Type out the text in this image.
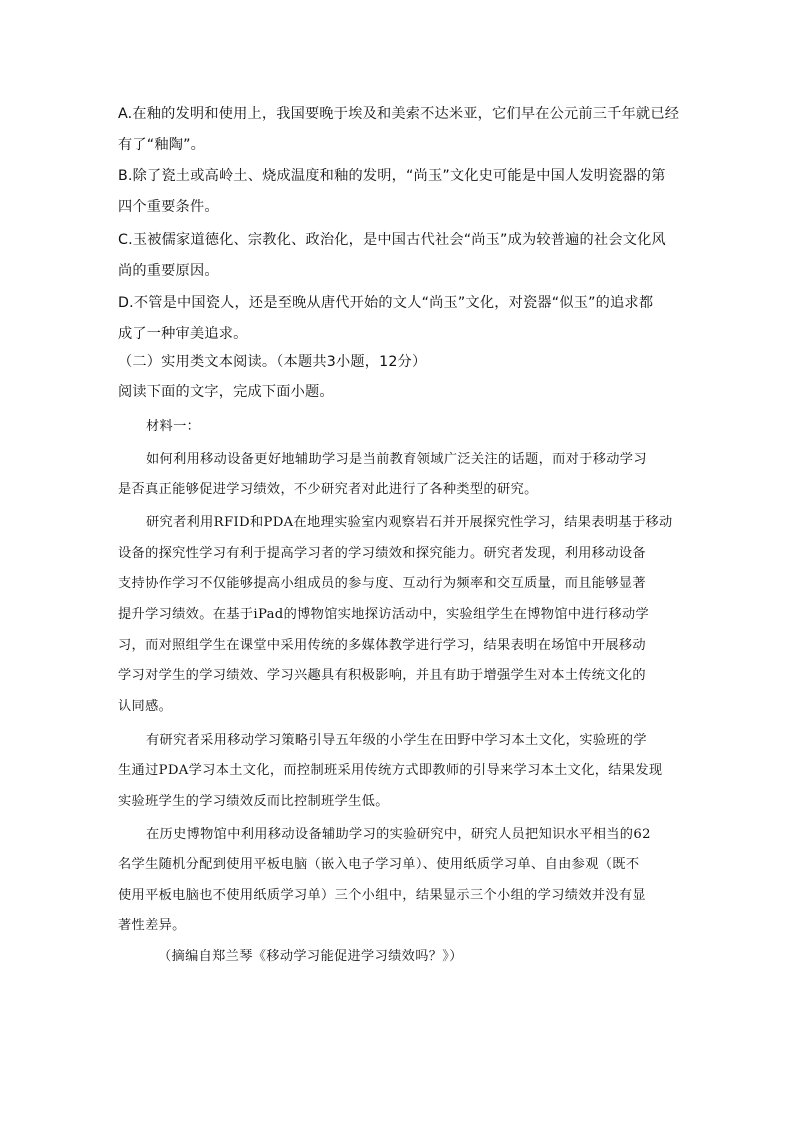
A.在釉的发明和使用上，我国要晚于埃及和美索不达米亚，它们早在公元前三千年就已经

有了“釉陶”。

B.除了瓷土或高岭土、烧成温度和釉的发明，“尚玉”文化史可能是中国人发明瓷器的第

四个重要条件。

C.玉被儒家道德化、宗教化、政治化，是中国古代社会“尚玉”成为较普遍的社会文化风

尚的重要原因。

D.不管是中国瓷人，还是至晚从唐代开始的文人“尚玉”文化，对瓷器“似玉”的追求都

成了一种审美追求。

（二）实用类文本阅读。（本题共3小题，12分）

阅读下面的文字，完成下面小题。

材料一：

如何利用移动设备更好地辅助学习是当前教育领域广泛关注的话题，而对于移动学习

是否真正能够促进学习绩效，不少研究者对此进行了各种类型的研究。

研究者利用RFID和PDA在地理实验室内观察岩石并开展探究性学习，结果表明基于移动

设备的探究性学习有利于提高学习者的学习绩效和探究能力。研究者发现，利用移动设备

支持协作学习不仅能够提高小组成员的参与度、互动行为频率和交互质量，而且能够显著

提升学习绩效。在基于iPad的博物馆实地探访活动中，实验组学生在博物馆中进行移动学

习，而对照组学生在课堂中采用传统的多媒体教学进行学习，结果表明在场馆中开展移动

学习对学生的学习绩效、学习兴趣具有积极影响，并且有助于增强学生对本土传统文化的

认同感。

有研究者采用移动学习策略引导五年级的小学生在田野中学习本土文化，实验班的学

生通过PDA学习本土文化，而控制班采用传统方式即教师的引导来学习本土文化，结果发现

实验班学生的学习绩效反而比控制班学生低。

在历史博物馆中利用移动设备辅助学习的实验研究中，研究人员把知识水平相当的62

名学生随机分配到使用平板电脑（嵌入电子学习单）、使用纸质学习单、自由参观（既不

使用平板电脑也不使用纸质学习单）三个小组中，结果显示三个小组的学习绩效并没有显

著性差异。

（摘编自郑兰琴《移动学习能促进学习绩效吗？》）
